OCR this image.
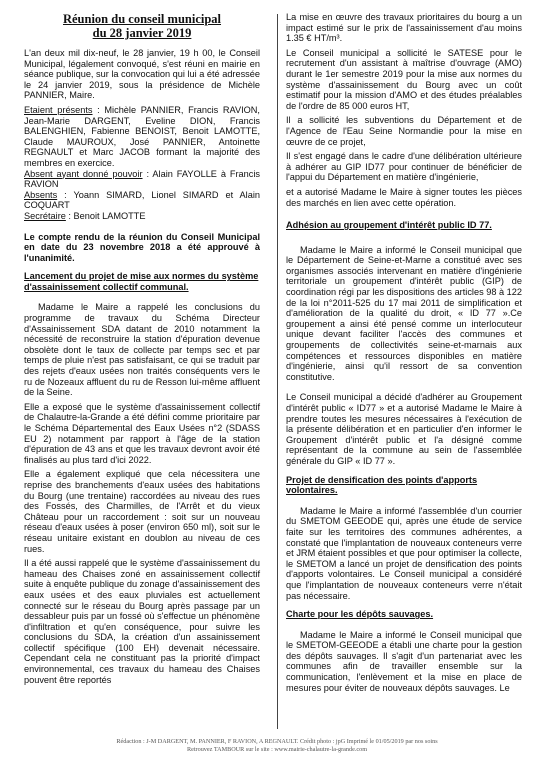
Réunion du conseil municipal

du 28 janvier 2019

L'an deux mil dix-neuf, le 28 janvier, 19 h 00, le Conseil Municipal, légalement convoqué, s'est réuni en mairie en séance publique, sur la convocation qui lui a été adressée le 24 janvier 2019, sous la présidence de Michèle PANNIER, Maire.

Etaient présents : Michèle PANNIER, Francis RAVION, Jean-Marie DARGENT, Eveline DION, Francis BALENGHIEN, Fabienne BENOIST, Benoit LAMOTTE, Claude MAUROUX, José PANNIER, Antoinette REGNAULT et Marc JACOB formant la majorité des membres en exercice.

Absent ayant donné pouvoir : Alain FAYOLLE à Francis RAVION

Absents : Yoann SIMARD, Lionel SIMARD et Alain COQUART

Secrétaire : Benoit LAMOTTE

Le compte rendu de la réunion du Conseil Municipal en date du 23 novembre 2018 a été approuvé à l'unanimité.

Lancement du projet de mise aux normes du système d'assainissement collectif communal.

Madame le Maire a rappelé les conclusions du programme de travaux du Schéma Directeur d'Assainissement SDA datant de 2010 notamment la nécessité de reconstruire la station d'épuration devenue obsolète dont le taux de collecte par temps sec et par temps de pluie n'est pas satisfaisant, ce qui se traduit par des rejets d'eaux usées non traités conséquents vers le ru de Nozeaux affluent du ru de Resson lui-même affluent de la Seine.

Elle a exposé que le système d'assainissement collectif de Chalautre-la-Grande a été défini comme prioritaire par le Schéma Départemental des Eaux Usées n°2 (SDASS EU 2) notamment par rapport à l'âge de la station d'épuration de 43 ans et que les travaux devront avoir été finalisés au plus tard d'ici 2022.

Elle a également expliqué que cela nécessitera une reprise des branchements d'eaux usées des habitations du Bourg (une trentaine) raccordées au niveau des rues des Fossés, des Charmilles, de l'Arrêt et du vieux Château pour un raccordement : soit sur un nouveau réseau d'eaux usées à poser (environ 650 ml), soit sur le réseau unitaire existant en doublon au niveau de ces rues.

Il a été aussi rappelé que le système d'assainissement du hameau des Chaises zoné en assainissement collectif suite à enquête publique du zonage d'assainissement des eaux usées et des eaux pluviales est actuellement connecté sur le réseau du Bourg après passage par un dessableur puis par un fossé où s'effectue un phénomène d'infiltration et qu'en conséquence, pour suivre les conclusions du SDA, la création d'un assainissement collectif spécifique (100 EH) devenait nécessaire. Cependant cela ne constituant pas la priorité d'impact environnemental, ces travaux du hameau des Chaises pouvent être reportés

La mise en œuvre des travaux prioritaires du bourg a un impact estimé sur le prix de l'assainissement d'au moins 1.35 € HT/m³.

Le Conseil municipal a sollicité le SATESE pour le recrutement d'un assistant à maîtrise d'ouvrage (AMO) durant le 1er semestre 2019 pour la mise aux normes du système d'assainissement du Bourg avec un coût estimatif pour la mission d'AMO et des études préalables de l'ordre de 85 000 euros HT,

Il a sollicité les subventions du Département et de l'Agence de l'Eau Seine Normandie pour la mise en œuvre de ce projet,

Il s'est engagé dans le cadre d'une délibération ultérieure à adhérer au GIP ID77 pour continuer de bénéficier de l'appui du Département en matière d'ingénierie,

et a autorisé Madame le Maire à signer toutes les pièces des marchés en lien avec cette opération.

Adhésion au groupement d'intérêt public ID 77.

Madame le Maire a informé le Conseil municipal que le Département de Seine-et-Marne a constitué avec ses organismes associés intervenant en matière d'ingénierie territoriale un groupement d'intérêt public (GIP) de coordination régi par les dispositions des articles 98 à 122 de la loi n°2011-525 du 17 mai 2011 de simplification et d'amélioration de la qualité du droit, « ID 77 ».Ce groupement a ainsi été pensé comme un interlocuteur unique devant faciliter l'accès des communes et groupements de collectivités seine-et-marnais aux compétences et ressources disponibles en matière d'ingénierie, ainsi qu'il ressort de sa convention constitutive.

Le Conseil municipal a décidé d'adhérer au Groupement d'intérêt public « ID77 » et a autorisé Madame le Maire à prendre toutes les mesures nécessaires à l'exécution de la présente délibération et en particulier d'en informer le Groupement d'intérêt public et l'a désigné comme représentant de la commune au sein de l'assemblée générale du GIP « ID 77 ».

Projet de densification des points d'apports volontaires.

Madame le Maire a informé l'assemblée d'un courrier du SMETOM GEEODE qui, après une étude de service faite sur les territoires des communes adhérentes, a constaté que l'implantation de nouveaux conteneurs verre et JRM étaient possibles et que pour optimiser la collecte, le SMETOM a lancé un projet de densification des points d'apports volontaires. Le Conseil municipal a considéré que l'implantation de nouveaux conteneurs verre n'était pas nécessaire.

Charte pour les dépôts sauvages.

Madame le Maire a informé le Conseil municipal que le SMETOM-GEEODE a établi une charte pour la gestion des dépôts sauvages. Il s'agit d'un partenariat avec les communes afin de travailler ensemble sur la communication, l'enlèvement et la mise en place de mesures pour éviter de nouveaux dépôts sauvages. Le

Rédaction : J-M DARGENT, M. PANNIER, F RAVION, A REGNAULT. Crédit photo : jpG Imprimé le 01/05/2019 par nos soins
Retrouvez TAMBOUR sur le site : www.mairie-chalautre-la-grande.com
